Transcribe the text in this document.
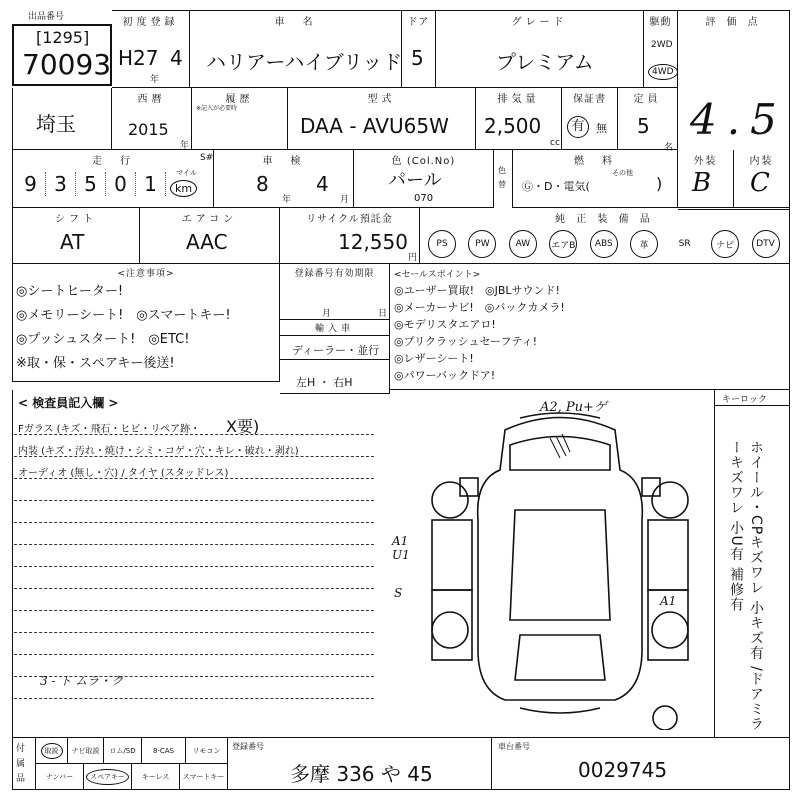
出品番号
[1295]
70093
初度登録
H27 4
年
車　名
ハリアーハイブリッド
ドア
5
グレード
プレミアム
駆動
2WD
4WD
評 価 点
4.5
埼玉
西暦
2015
年
履歴
※記入が必要時
型式
DAA - AVU65W
排気量
2,500
cc
保証書
有	無
定員
5
名
走　行
9 3 5 0 1	マイル
km
車　検
S#
8
年
4
月
色 (Col.No)
パール
070
色替
燃　料
Ⓖ・D・電気(
その他
)
外装
B
内装
C
シフト
AT
エアコン
AAC
リサイクル預託金
12,550
円
純 正 装 備 品
PS	PW	AW	エアB	ABS	革	SR	ナビ	DTV
<注意事項>
◎シートヒーター!
◎メモリーシート!　◎スマートキー!
◎プッシュスタート!　◎ETC!
※取・保・スペアキー後送!
登録番号有効期限
月	日
輸入車
ディーラー・並行
左H ・ 右H
<セールスポイント>
◎ユーザー買取!　◎JBLサウンド!
◎メーカーナビ!　◎バックカメラ!
◎モデリスタエアロ!
◎プリクラッシュセーフティ!
◎レザーシート!
◎パワーバックドア!
< 検査員記入欄 >
Fガラス (キズ・飛石・ヒビ・リペア跡・ X要)
内装 (キズ・汚れ・焼け・シミ・コゲ・穴・キレ・破れ・剥れ)
オーディオ (無し・穴) / タイヤ (スタッドレス)
3 - ト ムラ・ク
A2, Pu+ゲ
A1
U1
S
A1
キーロック
ホイール・CPキズワレ 小キズ有 /ドアミラーキズワレ 小U有 補修有
付属品
取説	ナビ取説 ロム/SD 8-CAS	リモコン
ナンバー	スペアキー	キーレス スマートキー
登録番号
多摩 336 や 45
車台番号
0029745
